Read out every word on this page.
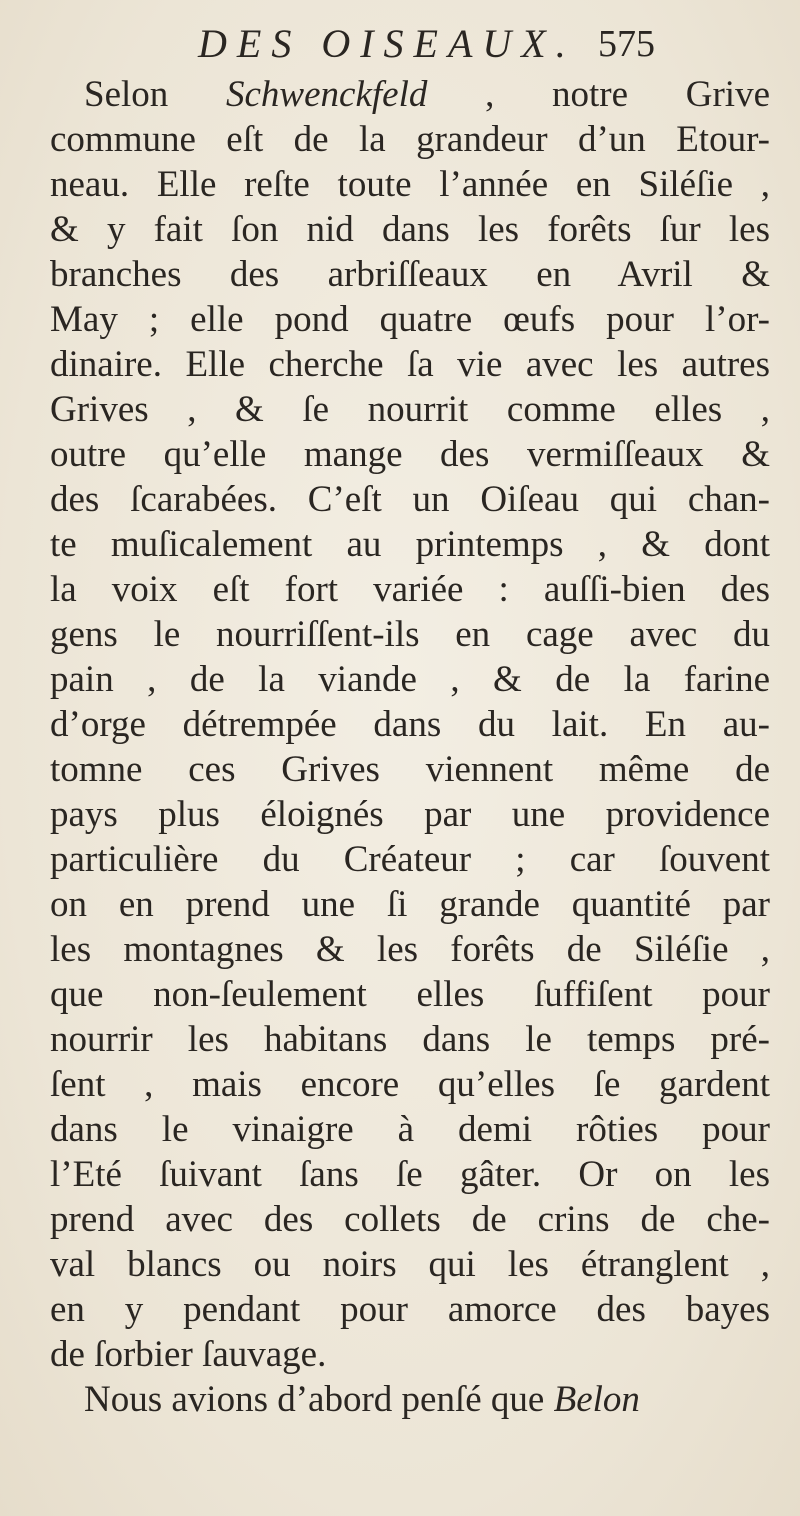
DES OISEAUX. 575
Selon Schwenckfeld , notre Grive
commune eſt de la grandeur d’un Etour-
neau. Elle reſte toute l’année en Siléſie ,
& y fait ſon nid dans les forêts ſur les
branches des arbriſſeaux en Avril &
May ; elle pond quatre œufs pour l’or-
dinaire. Elle cherche ſa vie avec les autres
Grives , & ſe nourrit comme elles ,
outre qu’elle mange des vermiſſeaux &
des ſcarabées. C’eſt un Oiſeau qui chan-
te muſicalement au printemps , & dont
la voix eſt fort variée : auſſi-bien des
gens le nourriſſent-ils en cage avec du
pain , de la viande , & de la farine
d’orge détrempée dans du lait. En au-
tomne ces Grives viennent même de
pays plus éloignés par une providence
particulière du Créateur ; car ſouvent
on en prend une ſi grande quantité par
les montagnes & les forêts de Siléſie ,
que non-ſeulement elles ſuffiſent pour
nourrir les habitans dans le temps pré-
ſent , mais encore qu’elles ſe gardent
dans le vinaigre à demi rôties pour
l’Eté ſuivant ſans ſe gâter. Or on les
prend avec des collets de crins de che-
val blancs ou noirs qui les étranglent ,
en y pendant pour amorce des bayes
de ſorbier ſauvage.
Nous avions d’abord penſé que Belon
